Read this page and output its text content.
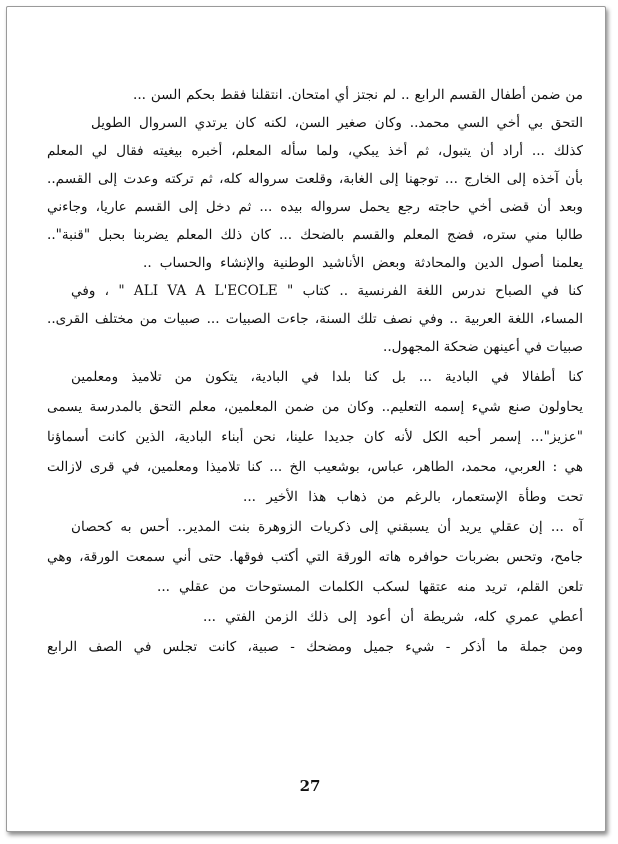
من ضمن أطفال القسم الرابع .. لم نجتز أي امتحان. انتقلنا فقط بحكم السن ...
التحق بي أخي السي محمد.. وكان صغير السن، لكنه كان يرتدي السروال الطويل
كذلك ... أراد أن يتبول، ثم أخذ يبكي، ولما سأله المعلم، أخبره بيغيته فقال لي المعلم
بأن آخذه إلى الخارج ... توجهنا إلى الغابة، وقلعت سرواله كله، ثم تركته وعدت إلى القسم..
وبعد أن قضى أخي حاجته رجع يحمل سرواله بيده ... ثم دخل إلى القسم عاريا، وجاءني
طالبا مني ستره، فضج المعلم والقسم بالضحك ... كان ذلك المعلم يضربنا بحبل "قنبة"..
يعلمنا أصول الدين والمحادثة وبعض الأناشيد الوطنية والإنشاء والحساب ..
كنا في الصباح ندرس اللغة الفرنسية .. كتاب " ALI VA A L'ECOLE " ، وفي
المساء، اللغة العربية .. وفي نصف تلك السنة، جاءت الصبيات ... صبيات من مختلف القرى..
صبيات في أعينهن ضحكة المجهول..
كنا أطفالا في البادية ... بل كنا بلدا في البادية، يتكون من تلاميذ ومعلمين
يحاولون صنع شيء إسمه التعليم.. وكان من ضمن المعلمين، معلم التحق بالمدرسة يسمى
"عزيز"... إسمر أحبه الكل لأنه كان جديدا علينا، نحن أبناء البادية، الذين كانت أسماؤنا
هي : العربي، محمد، الطاهر، عباس، بوشعيب الخ ... كنا تلاميذا ومعلمين، في قرى لازالت
تحت وطأة الإستعمار، بالرغم من ذهاب هذا الأخير ...
آه ... إن عقلي يريد أن يسبقني إلى ذكريات الزوهرة بنت المدير.. أحس به كحصان
جامح، وتحس بضربات حوافره هاته الورقة التي أكتب فوقها. حتى أني سمعت الورقة، وهي
تلعن القلم، تريد منه عتقها لسكب الكلمات المستوحات من عقلي ...
أعطي عمري كله، شريطة أن أعود إلى ذلك الزمن الفتي ...
ومن جملة ما أذكر - شيء جميل ومضحك - صبية، كانت تجلس في الصف الرابع
27
